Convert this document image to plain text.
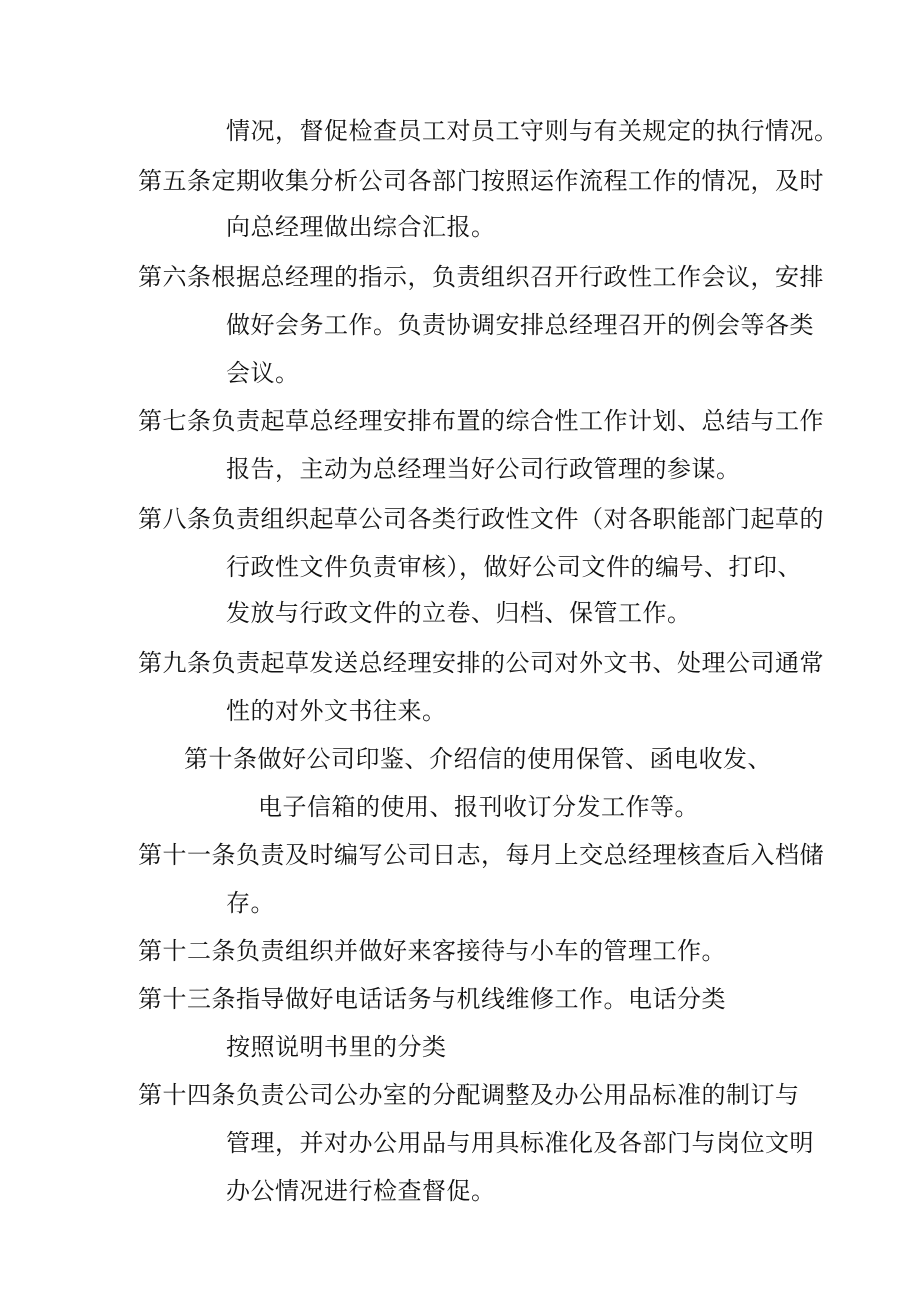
情况，督促检查员工对员工守则与有关规定的执行情况。
第五条定期收集分析公司各部门按照运作流程工作的情况，及时
向总经理做出综合汇报。
第六条根据总经理的指示，负责组织召开行政性工作会议，安排
做好会务工作。负责协调安排总经理召开的例会等各类
会议。
第七条负责起草总经理安排布置的综合性工作计划、总结与工作
报告，主动为总经理当好公司行政管理的参谋。
第八条负责组织起草公司各类行政性文件（对各职能部门起草的
行政性文件负责审核），做好公司文件的编号、打印、
发放与行政文件的立卷、归档、保管工作。
第九条负责起草发送总经理安排的公司对外文书、处理公司通常
性的对外文书往来。
第十条做好公司印鉴、介绍信的使用保管、函电收发、
电子信箱的使用、报刊收订分发工作等。
第十一条负责及时编写公司日志，每月上交总经理核查后入档储
存。
第十二条负责组织并做好来客接待与小车的管理工作。
第十三条指导做好电话话务与机线维修工作。电话分类
按照说明书里的分类
第十四条负责公司公办室的分配调整及办公用品标准的制订与
管理，并对办公用品与用具标准化及各部门与岗位文明
办公情况进行检查督促。
